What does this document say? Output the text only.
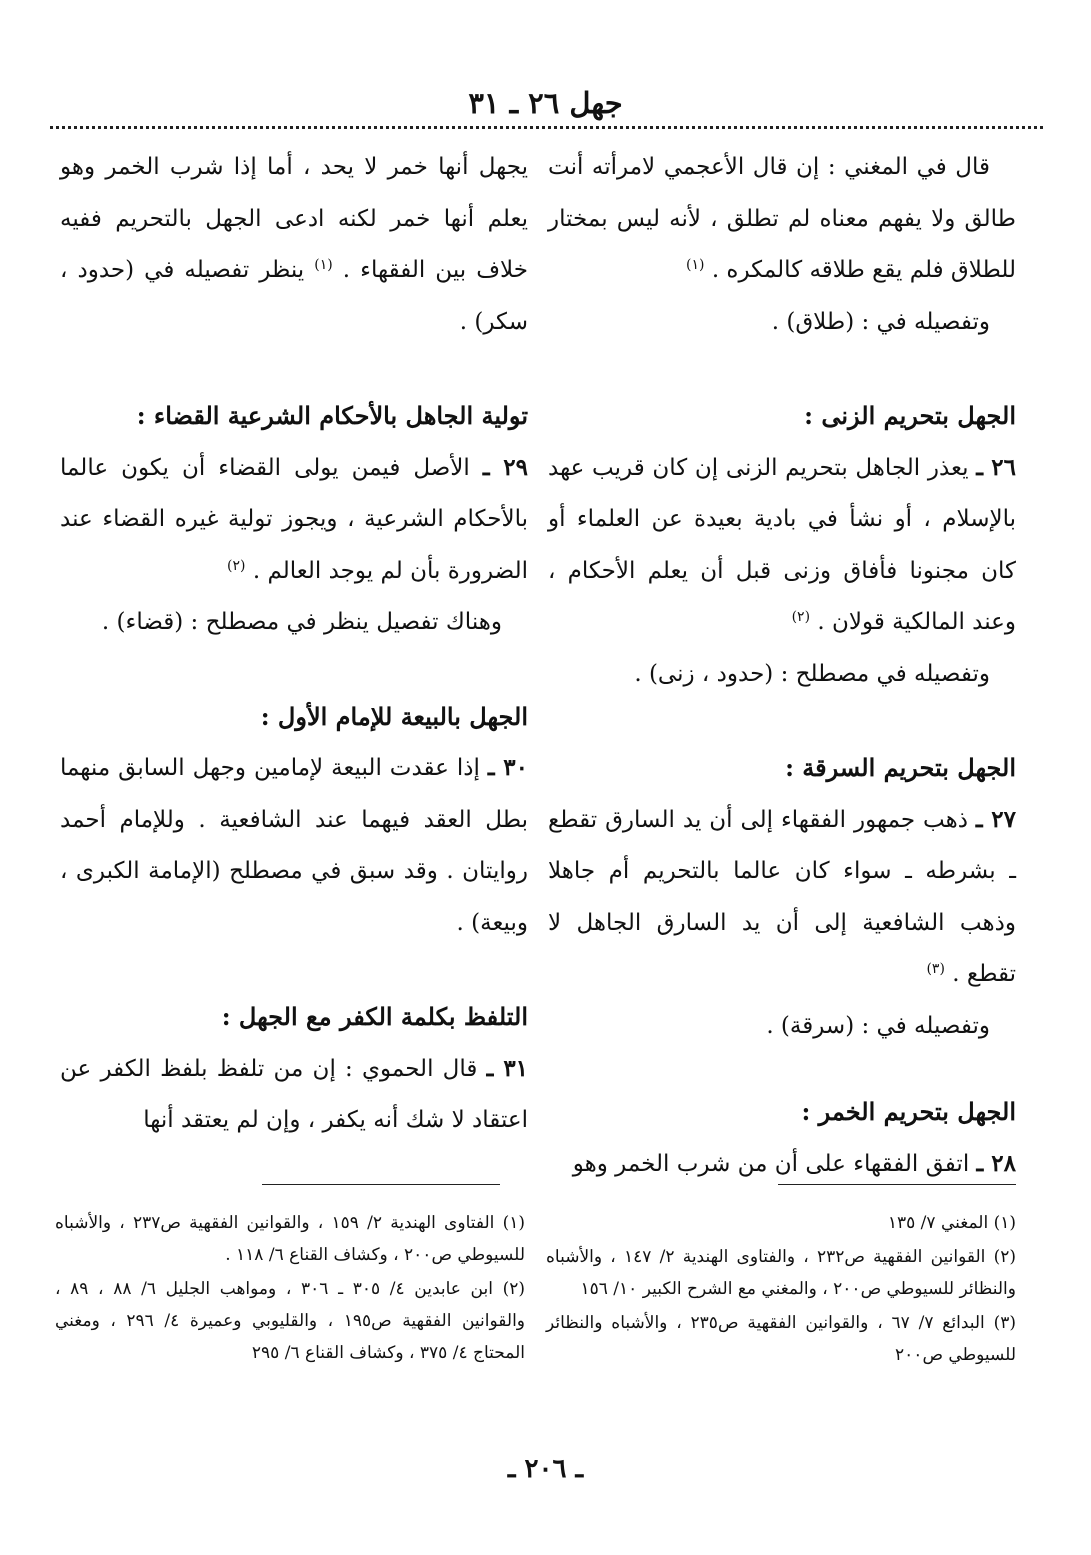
جهل ٢٦ ـ ٣١

قال في المغني : إن قال الأعجمي لامرأته أنت طالق ولا يفهم معناه لم تطلق ، لأنه ليس بمختار للطلاق فلم يقع طلاقه كالمكره . $^{(١)}$

وتفصيله في : (طلاق) .

الجهل بتحريم الزنى :

٢٦ ـ يعذر الجاهل بتحريم الزنى إن كان قريب عهد بالإسلام ، أو نشأ في بادية بعيدة عن العلماء أو كان مجنونا فأفاق وزنى قبل أن يعلم الأحكام ، وعند المالكية قولان . $^{(٢)}$

وتفصيله في مصطلح : (حدود ، زنى) .

الجهل بتحريم السرقة :

٢٧ ـ ذهب جمهور الفقهاء إلى أن يد السارق تقطع ـ بشرطه ـ سواء كان عالما بالتحريم أم جاهلا وذهب الشافعية إلى أن يد السارق الجاهل لا تقطع . $^{(٣)}$

وتفصيله في : (سرقة) .

الجهل بتحريم الخمر :

٢٨ ـ اتفق الفقهاء على أن من شرب الخمر وهو

يجهل أنها خمر لا يحد ، أما إذا شرب الخمر وهو يعلم أنها خمر لكنه ادعى الجهل بالتحريم ففيه خلاف بين الفقهاء . $^{(١)}$ ينظر تفصيله في (حدود ، سكر) .

تولية الجاهل بالأحكام الشرعية القضاء :

٢٩ ـ الأصل فيمن يولى القضاء أن يكون عالما بالأحكام الشرعية ، ويجوز تولية غيره القضاء عند الضرورة بأن لم يوجد العالم . $^{(٢)}$

وهناك تفصيل ينظر في مصطلح : (قضاء) .

الجهل بالبيعة للإمام الأول :

٣٠ ـ إذا عقدت البيعة لإمامين وجهل السابق منهما بطل العقد فيهما عند الشافعية . وللإمام أحمد روايتان . وقد سبق في مصطلح (الإمامة الكبرى ، وبيعة) .

التلفظ بكلمة الكفر مع الجهل :

٣١ ـ قال الحموي : إن من تلفظ بلفظ الكفر عن اعتقاد لا شك أنه يكفر ، وإن لم يعتقد أنها

(١) المغني ٧/ ١٣٥

(٢) القوانين الفقهية ص٢٣٢ ، والفتاوى الهندية ٢/ ١٤٧ ، والأشباه والنظائر للسيوطي ص٢٠٠ ، والمغني مع الشرح الكبير ١٠/ ١٥٦

(٣) البدائع ٧/ ٦٧ ، والقوانين الفقهية ص٢٣٥ ، والأشباه والنظائر للسيوطي ص٢٠٠

(١) الفتاوى الهندية ٢/ ١٥٩ ، والقوانين الفقهية ص٢٣٧ ، والأشباه للسيوطي ص٢٠٠ ، وكشاف القناع ٦/ ١١٨ .

(٢) ابن عابدين ٤/ ٣٠٥ ـ ٣٠٦ ، ومواهب الجليل ٦/ ٨٨ ، ٨٩ ، والقوانين الفقهية ص١٩٥ ، والقليوبي وعميرة ٤/ ٢٩٦ ، ومغني المحتاج ٤/ ٣٧٥ ، وكشاف القناع ٦/ ٢٩٥

ـ ٢٠٦ ـ
